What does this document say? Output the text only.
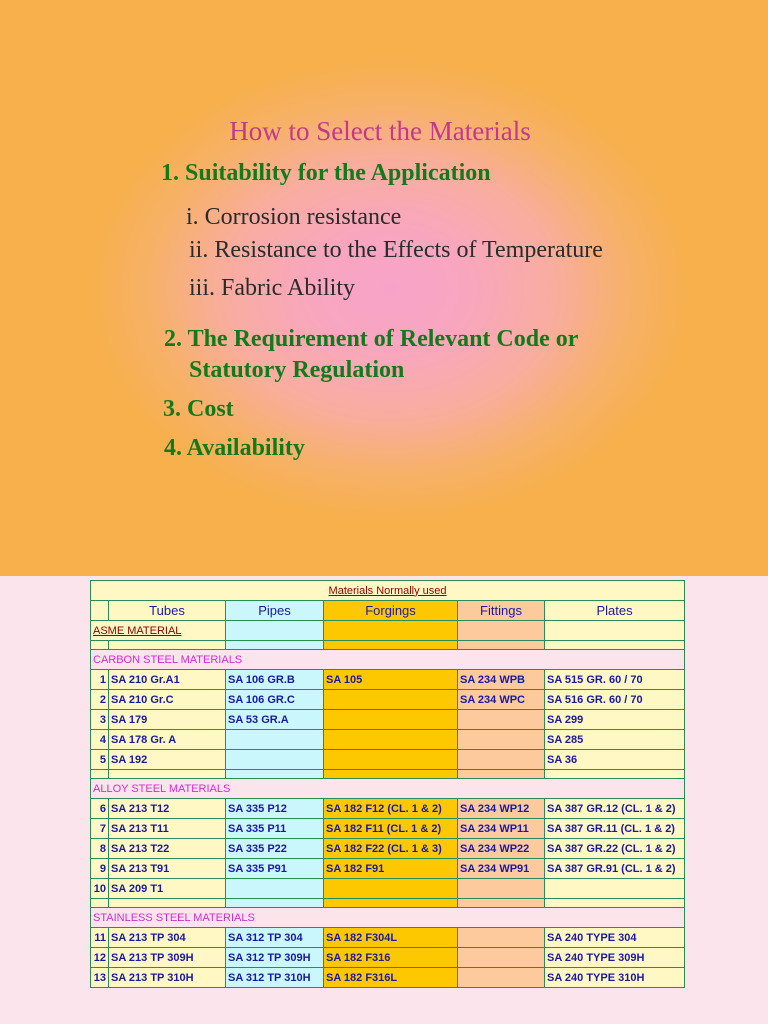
How to Select the Materials
1. Suitability for the Application
i. Corrosion resistance
ii. Resistance to the Effects of Temperature
iii. Fabric Ability
2. The Requirement of Relevant Code or
Statutory Regulation
3. Cost
4. Availability
Materials Normally used					
	Tubes	Pipes	Forgings	Fittings	Plates
ASME MATERIAL					

CARBON STEEL MATERIALS					
1	SA 210 Gr.A1	SA 106 GR.B	SA 105	SA 234 WPB	SA 515 GR. 60 / 70
2	SA 210 Gr.C	SA 106 GR.C		SA 234 WPC	SA 516 GR. 60 / 70
3	SA 179	SA 53 GR.A			SA 299
4	SA 178 Gr. A				SA 285
5	SA 192				SA 36

ALLOY STEEL MATERIALS					
6	SA 213 T12	SA 335 P12	SA 182 F12 (CL. 1 & 2)	SA 234 WP12	SA 387 GR.12 (CL. 1 & 2)
7	SA 213 T11	SA 335 P11	SA 182 F11 (CL. 1 & 2)	SA 234 WP11	SA 387 GR.11 (CL. 1 & 2)
8	SA 213 T22	SA 335 P22	SA 182 F22 (CL. 1 & 3)	SA 234 WP22	SA 387 GR.22 (CL. 1 & 2)
9	SA 213 T91	SA 335 P91	SA 182 F91	SA 234 WP91	SA 387 GR.91 (CL. 1 & 2)
10	SA 209 T1				

STAINLESS STEEL MATERIALS					
11	SA 213 TP 304	SA 312 TP 304	SA 182 F304L		SA 240 TYPE 304
12	SA 213 TP 309H	SA 312 TP 309H	SA 182 F316		SA 240 TYPE 309H
13	SA 213 TP 310H	SA 312 TP 310H	SA 182 F316L		SA 240 TYPE 310H
